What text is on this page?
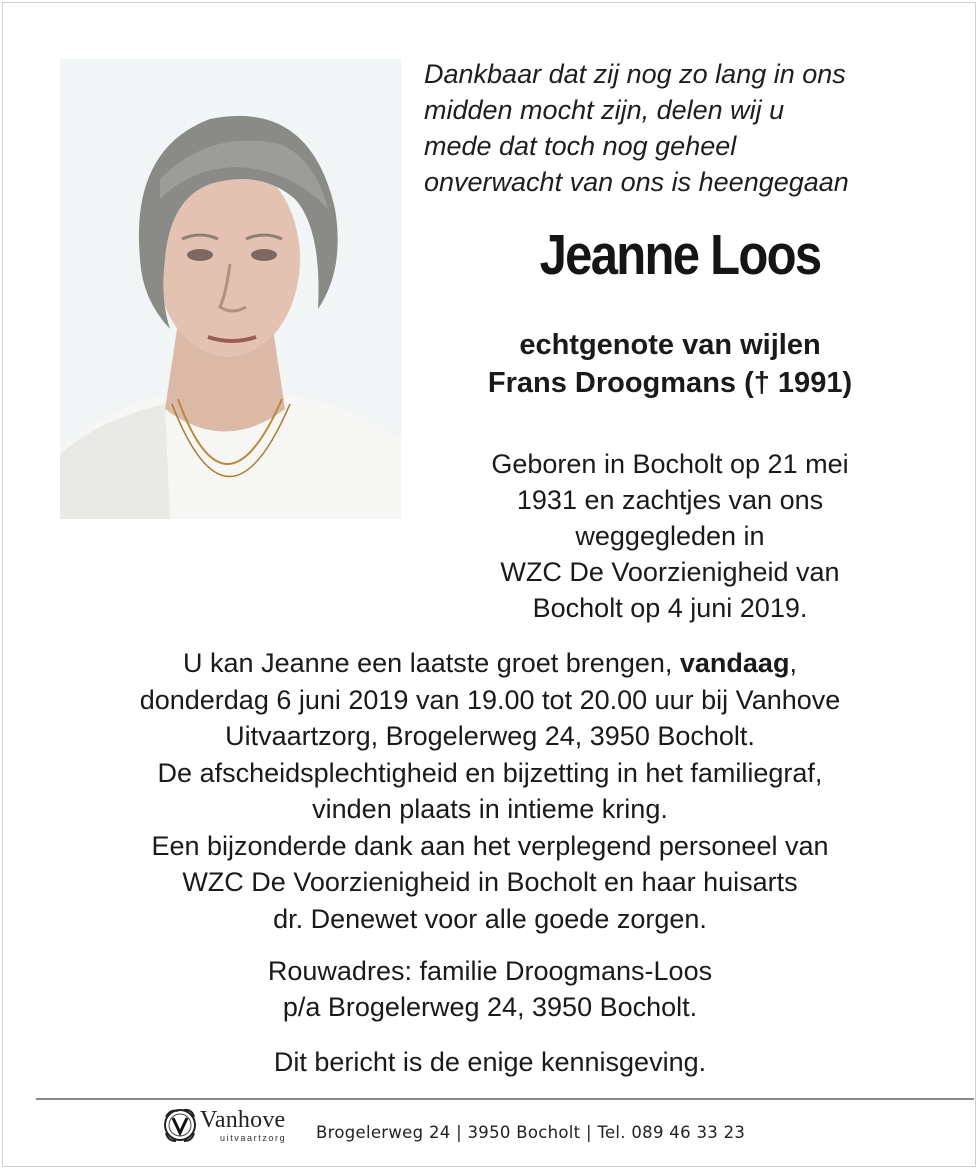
Dankbaar dat zij nog zo lang in ons
midden mocht zijn, delen wij u
mede dat toch nog geheel
onverwacht van ons is heengegaan
Jeanne Loos
echtgenote van wijlen
Frans Droogmans († 1991)
Geboren in Bocholt op 21 mei
1931 en zachtjes van ons
weggegleden in
WZC De Voorzienigheid van
Bocholt op 4 juni 2019.
U kan Jeanne een laatste groet brengen, vandaag,
donderdag 6 juni 2019 van 19.00 tot 20.00 uur bij Vanhove
Uitvaartzorg, Brogelerweg 24, 3950 Bocholt.
De afscheidsplechtigheid en bijzetting in het familiegraf,
vinden plaats in intieme kring.
Een bijzonderde dank aan het verplegend personeel van
WZC De Voorzienigheid in Bocholt en haar huisarts
dr. Denewet voor alle goede zorgen.
Rouwadres: familie Droogmans-Loos
p/a Brogelerweg 24, 3950 Bocholt.
Dit bericht is de enige kennisgeving.
Vanhove
uitvaartzorg Brogelerweg 24 | 3950 Bocholt | Tel. 089 46 33 23
